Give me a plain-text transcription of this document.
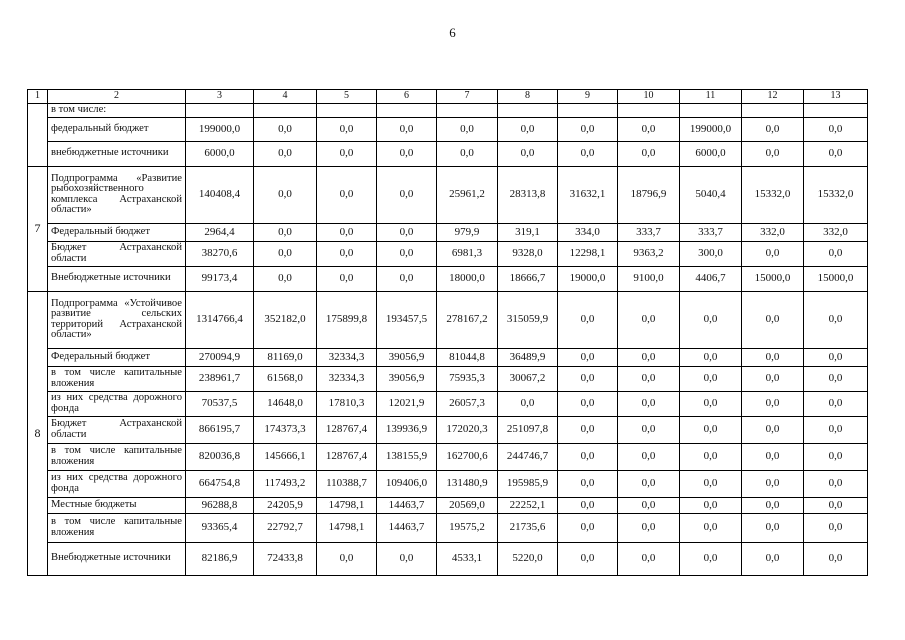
6
1	2	3	4	5	6	7	8	9	10	11	12	13
	в том числе:											
	федеральный бюджет	199000,0	0,0	0,0	0,0	0,0	0,0	0,0	0,0	199000,0	0,0	0,0
	внебюджетные источники	6000,0	0,0	0,0	0,0	0,0	0,0	0,0	0,0	6000,0	0,0	0,0
7	Подпрограмма «Развитие рыбохозяйственного комплекса Астраханской области»	140408,4	0,0	0,0	0,0	25961,2	28313,8	31632,1	18796,9	5040,4	15332,0	15332,0
	Федеральный бюджет	2964,4	0,0	0,0	0,0	979,9	319,1	334,0	333,7	333,7	332,0	332,0
	Бюджет Астраханской области	38270,6	0,0	0,0	0,0	6981,3	9328,0	12298,1	9363,2	300,0	0,0	0,0
	Внебюджетные источники	99173,4	0,0	0,0	0,0	18000,0	18666,7	19000,0	9100,0	4406,7	15000,0	15000,0
8	Подпрограмма «Устойчивое развитие сельских территорий Астраханской области»	1314766,4	352182,0	175899,8	193457,5	278167,2	315059,9	0,0	0,0	0,0	0,0	0,0
	Федеральный бюджет	270094,9	81169,0	32334,3	39056,9	81044,8	36489,9	0,0	0,0	0,0	0,0	0,0
	в том числе капитальные вложения	238961,7	61568,0	32334,3	39056,9	75935,3	30067,2	0,0	0,0	0,0	0,0	0,0
	из них средства дорожного фонда	70537,5	14648,0	17810,3	12021,9	26057,3	0,0	0,0	0,0	0,0	0,0	0,0
	Бюджет Астраханской области	866195,7	174373,3	128767,4	139936,9	172020,3	251097,8	0,0	0,0	0,0	0,0	0,0
	в том числе капитальные вложения	820036,8	145666,1	128767,4	138155,9	162700,6	244746,7	0,0	0,0	0,0	0,0	0,0
	из них средства дорожного фонда	664754,8	117493,2	110388,7	109406,0	131480,9	195985,9	0,0	0,0	0,0	0,0	0,0
	Местные бюджеты	96288,8	24205,9	14798,1	14463,7	20569,0	22252,1	0,0	0,0	0,0	0,0	0,0
	в том числе капитальные вложения	93365,4	22792,7	14798,1	14463,7	19575,2	21735,6	0,0	0,0	0,0	0,0	0,0
	Внебюджетные источники	82186,9	72433,8	0,0	0,0	4533,1	5220,0	0,0	0,0	0,0	0,0	0,0
